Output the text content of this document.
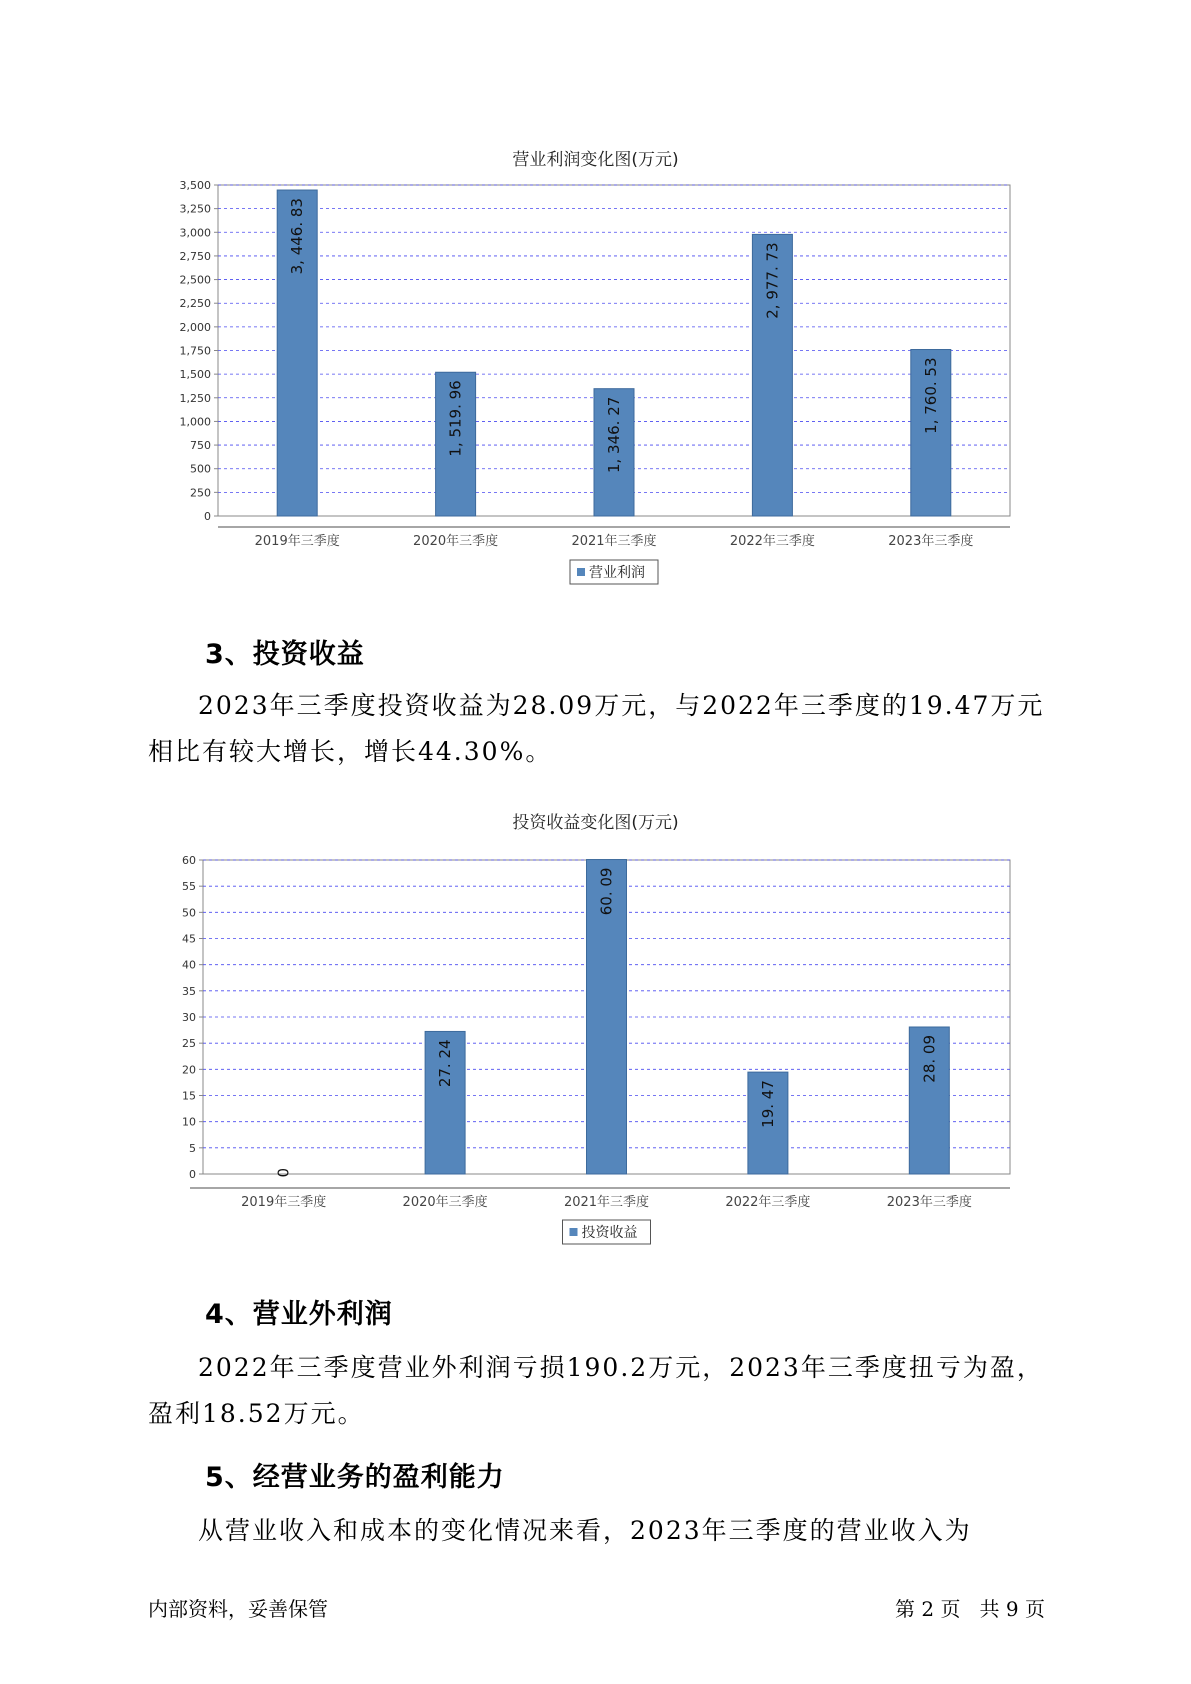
营业利润变化图(万元)
0
250
500
750
1,000
1,250
1,500
1,750
2,000
2,250
2,500
2,750
3,000
3,250
3,500
3, 446. 83
2019年三季度
1, 519. 96
2020年三季度
1, 346. 27
2021年三季度
2, 977. 73
2022年三季度
1, 760. 53
2023年三季度
营业利润
3、投资收益
2023年三季度投资收益为28.09万元，与2022年三季度的19.47万元相比有较大增长，增长44.30%。
投资收益变化图(万元)
0
5
10
15
20
25
30
35
40
45
50
55
60
0
2019年三季度
27. 24
2020年三季度
60. 09
2021年三季度
19. 47
2022年三季度
28. 09
2023年三季度
投资收益
4、营业外利润
2022年三季度营业外利润亏损190.2万元，2023年三季度扭亏为盈，盈利18.52万元。
5、经营业务的盈利能力
从营业收入和成本的变化情况来看，2023年三季度的营业收入为
内部资料，妥善保管	第 2 页   共 9 页
